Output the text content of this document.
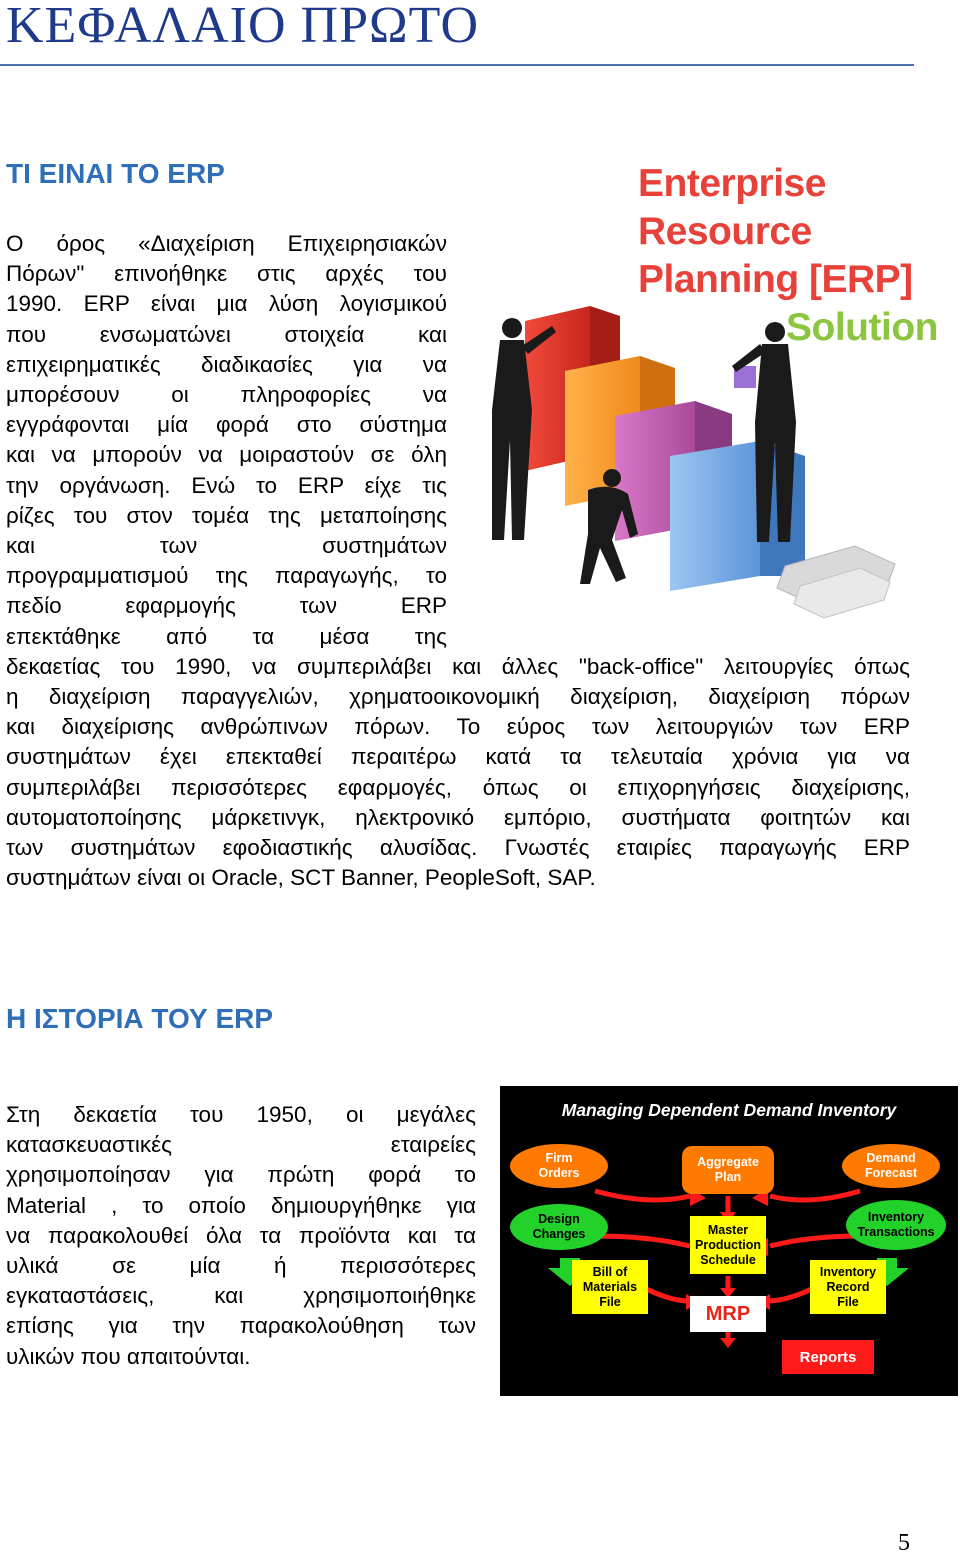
ΚΕΦΑΛΑΙΟ ΠΡΩΤΟ
ΤΙ ΕΙΝΑΙ ΤΟ ERP
Ο όρος «Διαχείριση Επιχειρησιακών
Πόρων" επινοήθηκε στις αρχές του
1990. ERP είναι μια λύση λογισμικού
που ενσωματώνει στοιχεία και
επιχειρηματικές διαδικασίες για να
μπορέσουν οι πληροφορίες να
εγγράφονται μία φορά στο σύστημα
και να μπορούν να μοιραστούν σε όλη
την οργάνωση. Ενώ το ERP είχε τις
ρίζες του στον τομέα της μεταποίησης
και των συστημάτων
προγραμματισμού της παραγωγής, το
πεδίο εφαρμογής των ERP
επεκτάθηκε από τα μέσα της
δεκαετίας του 1990, να συμπεριλάβει και άλλες "back-office" λειτουργίες όπως
η διαχείριση παραγγελιών, χρηματοοικονομική διαχείριση, διαχείριση πόρων
και διαχείρισης ανθρώπινων πόρων. Το εύρος των λειτουργιών των ERP
συστημάτων έχει επεκταθεί περαιτέρω κατά τα τελευταία χρόνια για να
συμπεριλάβει περισσότερες εφαρμογές, όπως οι επιχορηγήσεις διαχείρισης,
αυτοματοποίησης μάρκετινγκ, ηλεκτρονικό εμπόριο, συστήματα φοιτητών και
των συστημάτων εφοδιαστικής αλυσίδας. Γνωστές εταιρίες παραγωγής ERP
συστημάτων είναι οι Oracle, SCT Banner, PeopleSoft, SAP.
Enterprise
Resource
Planning [ERP]
Solution
Η ΙΣΤΟΡΙΑ ΤΟΥ ERP
Στη δεκαετία του 1950, οι μεγάλες
κατασκευαστικές εταιρείες
χρησιμοποίησαν για πρώτη φορά το
Material , το οποίο δημιουργήθηκε για
να παρακολουθεί όλα τα προϊόντα και τα
υλικά σε μία ή περισσότερες
εγκαταστάσεις, και χρησιμοποιήθηκε
επίσης για την παρακολούθηση των
υλικών που απαιτούνται.
Managing Dependent Demand Inventory
Firm
Orders
Aggregate
Plan
Demand
Forecast
Design
Changes	Master
Production
Schedule
Inventory
Transactions
Bill of
Materials
File
MRP
Inventory
Record
File
Reports
5
